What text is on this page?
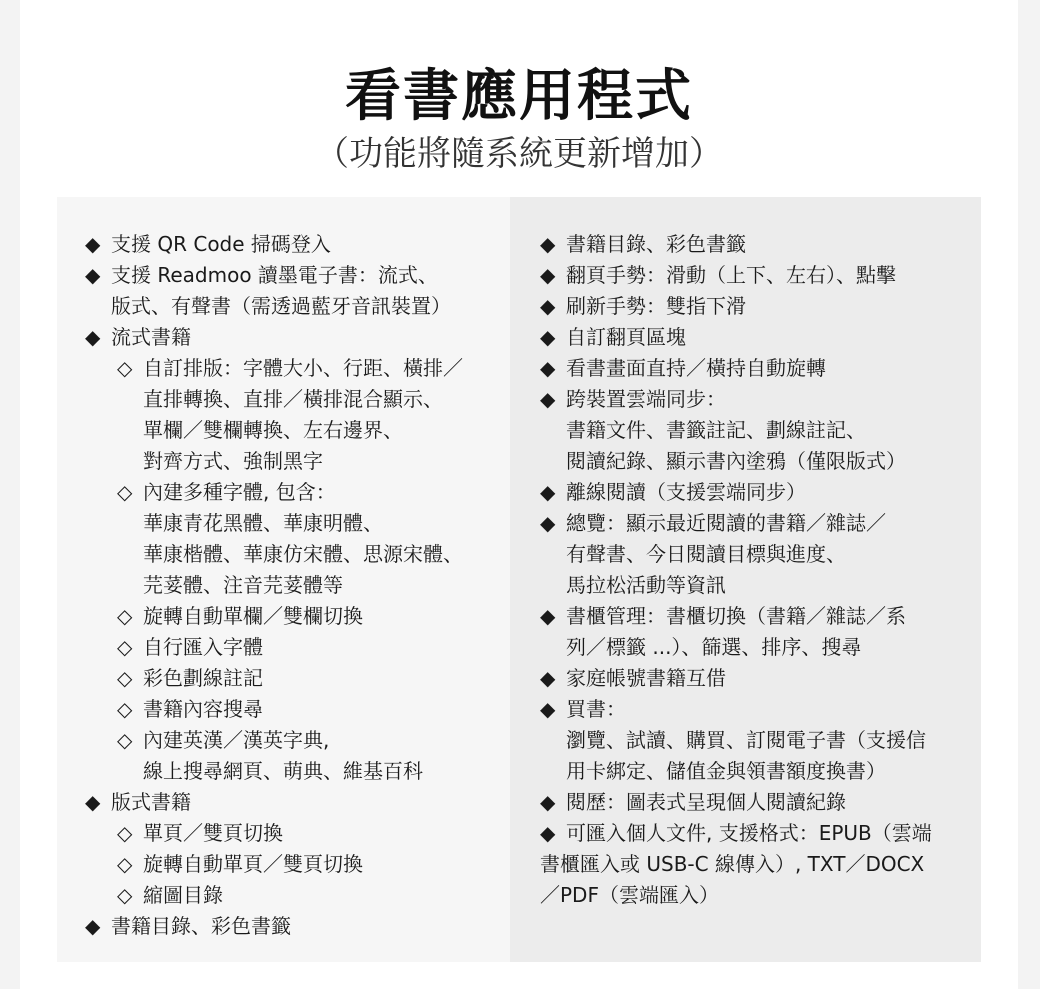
看書應用程式
（功能將隨系統更新增加）
◆ 支援 QR Code 掃碼登入
◆ 支援 Readmoo 讀墨電子書：流式、
版式、有聲書（需透過藍牙音訊裝置）
◆ 流式書籍
◇ 自訂排版：字體大小、行距、橫排／
直排轉換、直排／橫排混合顯示、
單欄／雙欄轉換、左右邊界、
對齊方式、強制黑字
◇ 內建多種字體, 包含：
華康青花黑體、華康明體、
華康楷體、華康仿宋體、思源宋體、
芫荽體、注音芫荽體等
◇ 旋轉自動單欄／雙欄切換
◇ 自行匯入字體
◇ 彩色劃線註記
◇ 書籍內容搜尋
◇ 內建英漢／漢英字典,
線上搜尋網頁、萌典、維基百科
◆ 版式書籍
◇ 單頁／雙頁切換
◇ 旋轉自動單頁／雙頁切換
◇ 縮圖目錄
◆ 書籍目錄、彩色書籤
◆ 書籍目錄、彩色書籤
◆ 翻頁手勢：滑動（上下、左右）、點擊
◆ 刷新手勢：雙指下滑
◆ 自訂翻頁區塊
◆ 看書畫面直持／橫持自動旋轉
◆ 跨裝置雲端同步：
書籍文件、書籤註記、劃線註記、
閱讀紀錄、顯示書內塗鴉（僅限版式）
◆ 離線閱讀（支援雲端同步）
◆ 總覽：顯示最近閱讀的書籍／雜誌／
有聲書、今日閱讀目標與進度、
馬拉松活動等資訊
◆ 書櫃管理：書櫃切換（書籍／雜誌／系
列／標籤 ...）、篩選、排序、搜尋
◆ 家庭帳號書籍互借
◆ 買書：
瀏覽、試讀、購買、訂閱電子書（支援信
用卡綁定、儲值金與領書額度換書）
◆ 閱歷：圖表式呈現個人閱讀紀錄
◆ 可匯入個人文件, 支援格式：EPUB（雲端
書櫃匯入或 USB-C 線傳入）, TXT／DOCX
／PDF（雲端匯入）
